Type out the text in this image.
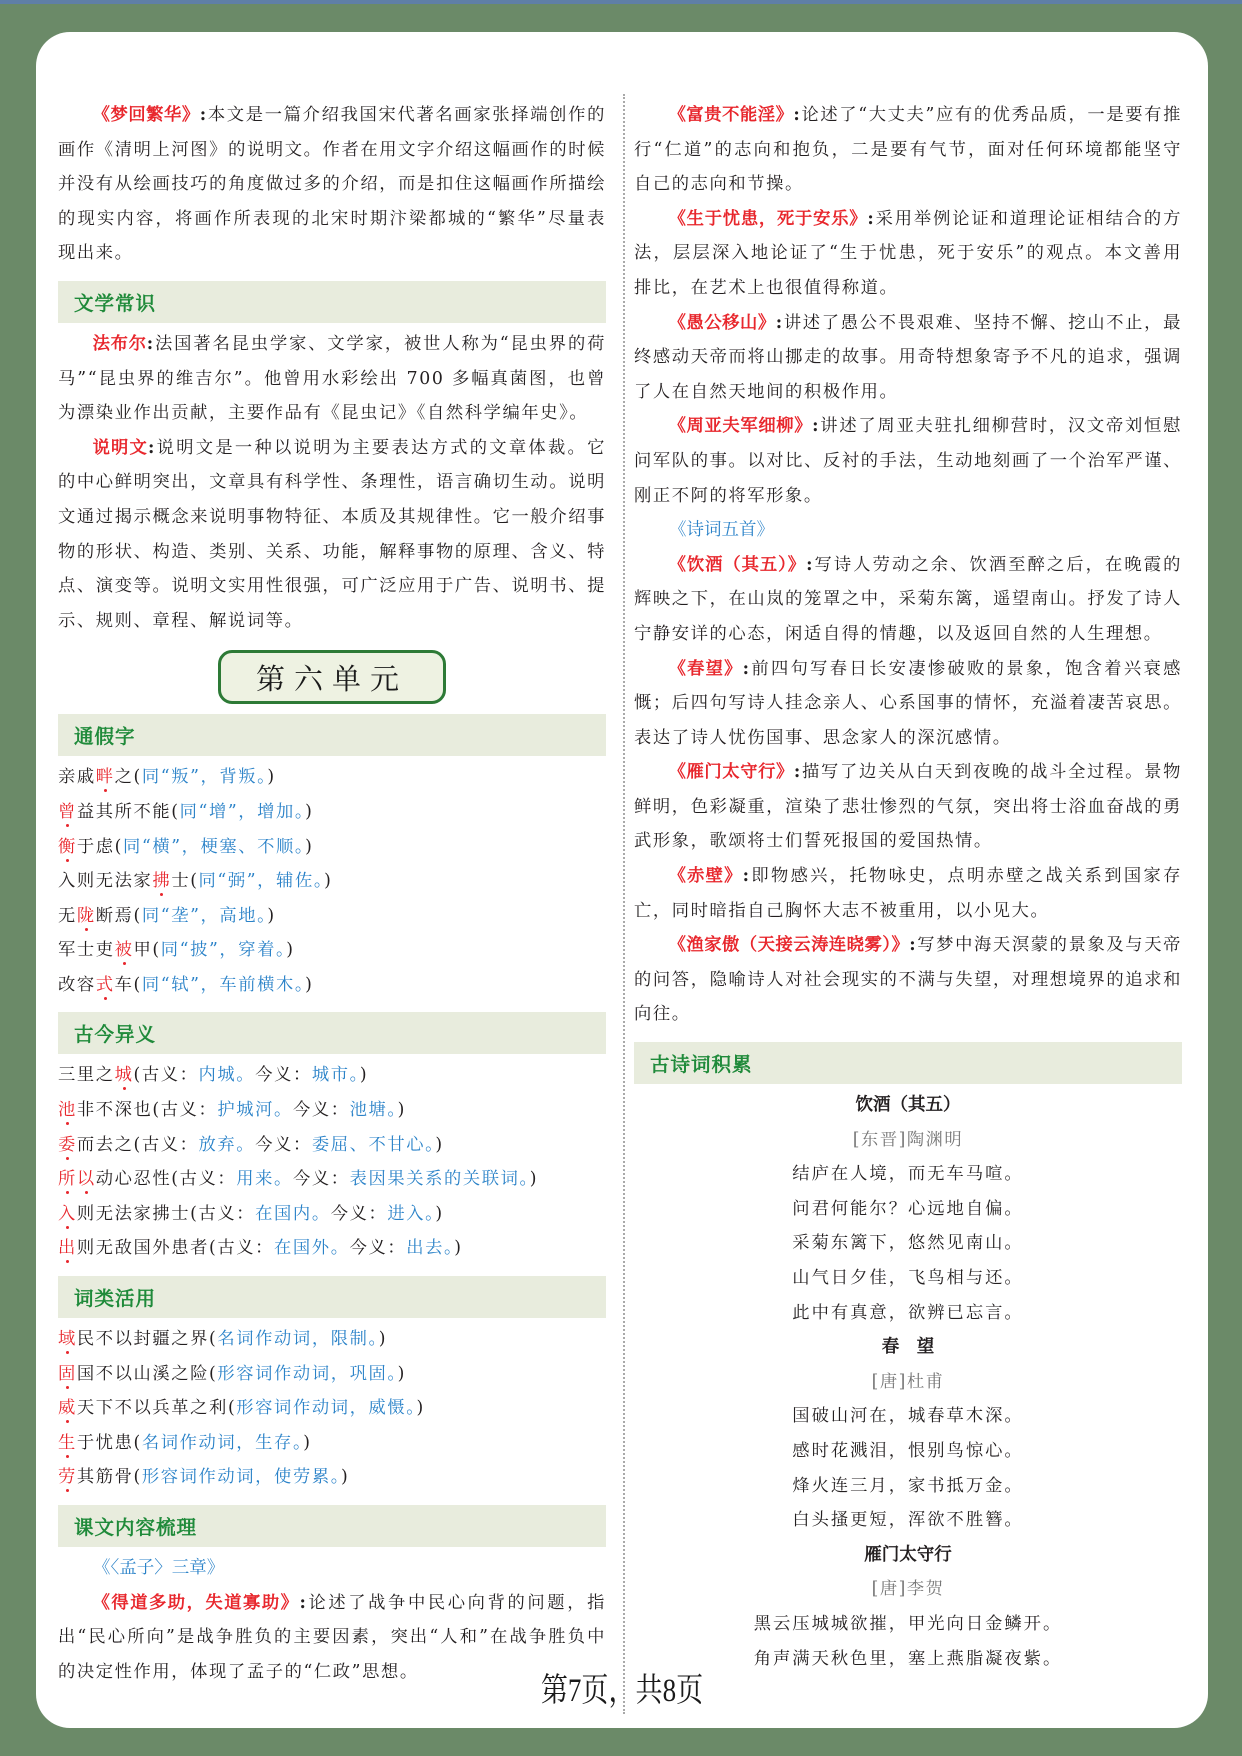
《梦回繁华》:本文是一篇介绍我国宋代著名画家张择端创作的画作《清明上河图》的说明文。作者在用文字介绍这幅画作的时候并没有从绘画技巧的角度做过多的介绍，而是扣住这幅画作所描绘的现实内容，将画作所表现的北宋时期汴梁都城的“繁华”尽量表现出来。

文学常识

法布尔:法国著名昆虫学家、文学家，被世人称为“昆虫界的荷马”“昆虫界的维吉尔”。他曾用水彩绘出 700 多幅真菌图，也曾为漂染业作出贡献，主要作品有《昆虫记》《自然科学编年史》。

说明文:说明文是一种以说明为主要表达方式的文章体裁。它的中心鲜明突出，文章具有科学性、条理性，语言确切生动。说明文通过揭示概念来说明事物特征、本质及其规律性。它一般介绍事物的形状、构造、类别、关系、功能，解释事物的原理、含义、特点、演变等。说明文实用性很强，可广泛应用于广告、说明书、提示、规则、章程、解说词等。

第六单元
通假字

亲戚畔之(同“叛”，背叛。)

曾益其所不能(同“增”，增加。)

衡于虑(同“横”，梗塞、不顺。)

入则无法家拂士(同“弼”，辅佐。)

无陇断焉(同“垄”，高地。)

军士吏被甲(同“披”，穿着。)

改容式车(同“轼”，车前横木。)

古今异义

三里之城(古义：内城。今义：城市。)

池非不深也(古义：护城河。今义：池塘。)

委而去之(古义：放弃。今义：委屈、不甘心。)

所以动心忍性(古义：用来。今义：表因果关系的关联词。)

入则无法家拂士(古义：在国内。今义：进入。)

出则无敌国外患者(古义：在国外。今义：出去。)

词类活用

域民不以封疆之界(名词作动词，限制。)

固国不以山溪之险(形容词作动词，巩固。)

威天下不以兵革之利(形容词作动词，威慑。)

生于忧患(名词作动词，生存。)

劳其筋骨(形容词作动词，使劳累。)

课文内容梳理

《〈孟子〉三章》

《得道多助，失道寡助》:论述了战争中民心向背的问题，指出“民心所向”是战争胜负的主要因素，突出“人和”在战争胜负中的决定性作用，体现了孟子的“仁政”思想。

《富贵不能淫》:论述了“大丈夫”应有的优秀品质，一是要有推行“仁道”的志向和抱负，二是要有气节，面对任何环境都能坚守自己的志向和节操。

《生于忧患，死于安乐》:采用举例论证和道理论证相结合的方法，层层深入地论证了“生于忧患，死于安乐”的观点。本文善用排比，在艺术上也很值得称道。

《愚公移山》:讲述了愚公不畏艰难、坚持不懈、挖山不止，最终感动天帝而将山挪走的故事。用奇特想象寄予不凡的追求，强调了人在自然天地间的积极作用。

《周亚夫军细柳》:讲述了周亚夫驻扎细柳营时，汉文帝刘恒慰问军队的事。以对比、反衬的手法，生动地刻画了一个治军严谨、刚正不阿的将军形象。

《诗词五首》

《饮酒（其五）》:写诗人劳动之余、饮酒至醉之后，在晚霞的辉映之下，在山岚的笼罩之中，采菊东篱，遥望南山。抒发了诗人宁静安详的心态，闲适自得的情趣，以及返回自然的人生理想。

《春望》:前四句写春日长安凄惨破败的景象，饱含着兴衰感慨；后四句写诗人挂念亲人、心系国事的情怀，充溢着凄苦哀思。表达了诗人忧伤国事、思念家人的深沉感情。

《雁门太守行》:描写了边关从白天到夜晚的战斗全过程。景物鲜明，色彩凝重，渲染了悲壮惨烈的气氛，突出将士浴血奋战的勇武形象，歌颂将士们誓死报国的爱国热情。

《赤壁》:即物感兴，托物咏史，点明赤壁之战关系到国家存亡，同时暗指自己胸怀大志不被重用，以小见大。

《渔家傲（天接云涛连晓雾）》:写梦中海天溟蒙的景象及与天帝的问答，隐喻诗人对社会现实的不满与失望，对理想境界的追求和向往。

古诗词积累

饮酒（其五）

[东晋]陶渊明

结庐在人境，而无车马喧。

问君何能尔？心远地自偏。

采菊东篱下，悠然见南山。

山气日夕佳，飞鸟相与还。

此中有真意，欲辨已忘言。

春　望

[唐]杜甫

国破山河在，城春草木深。

感时花溅泪，恨别鸟惊心。

烽火连三月，家书抵万金。

白头搔更短，浑欲不胜簪。

雁门太守行

[唐]李贺

黑云压城城欲摧，甲光向日金鳞开。

角声满天秋色里，塞上燕脂凝夜紫。

第7页，共8页
